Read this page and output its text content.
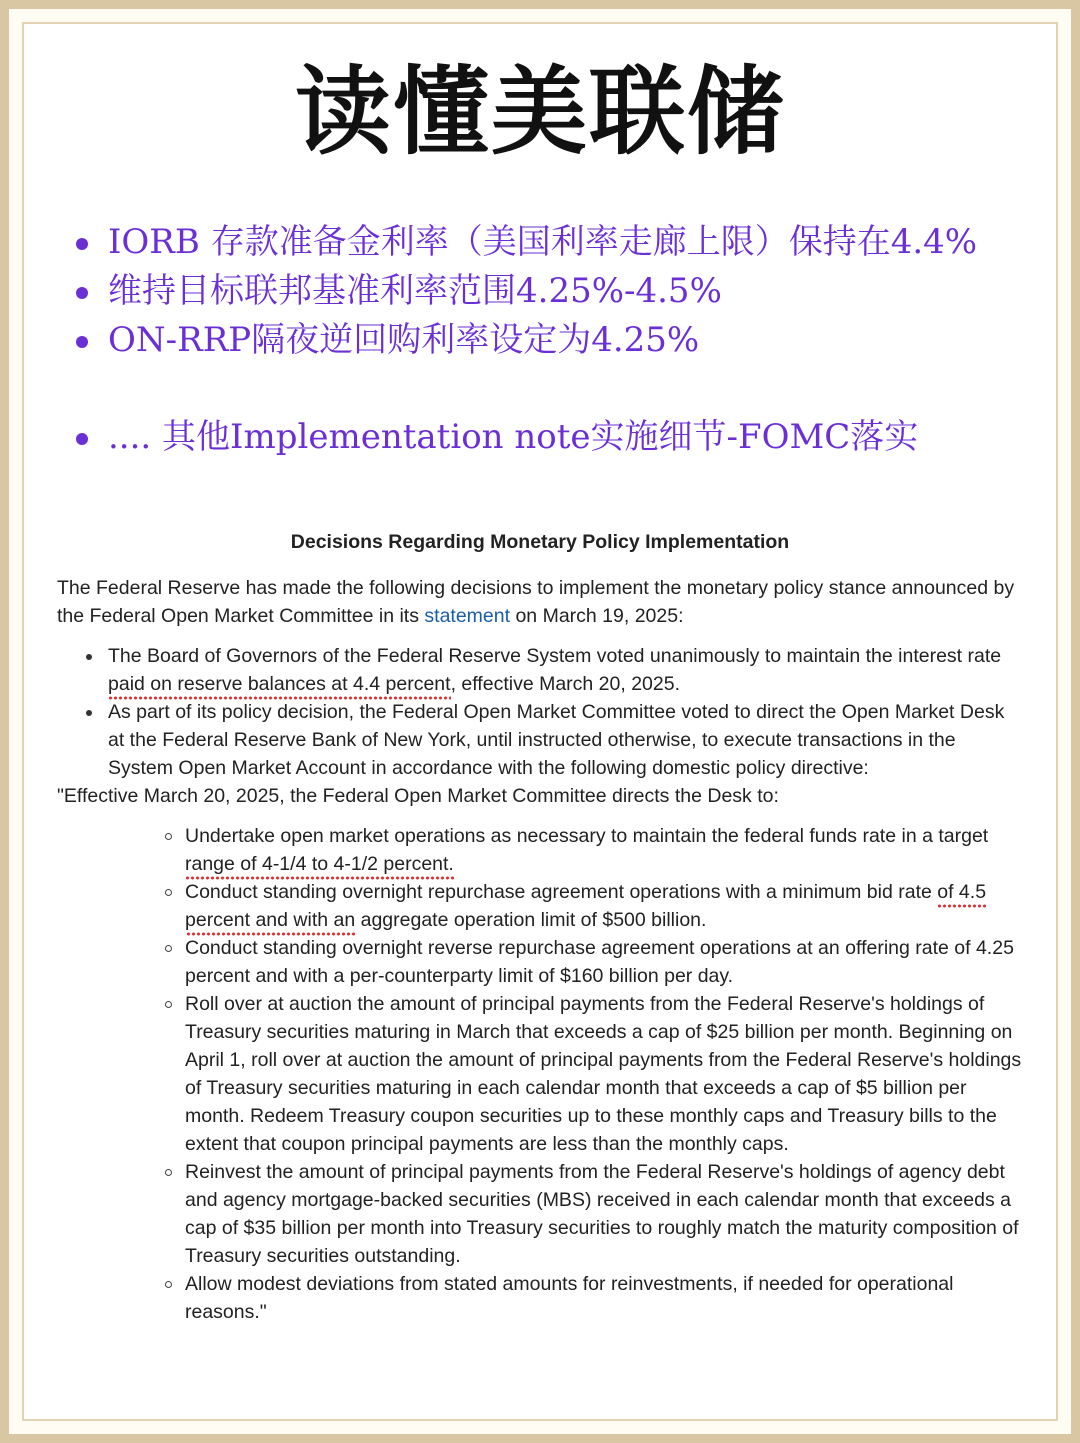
读懂美联储
IORB 存款准备金利率（美国利率走廊上限）保持在4.4%
维持目标联邦基准利率范围4.25%-4.5%
ON-RRP隔夜逆回购利率设定为4.25%
.... 其他Implementation note实施细节-FOMC落实
Decisions Regarding Monetary Policy Implementation

The Federal Reserve has made the following decisions to implement the monetary policy stance announced by the Federal Open Market Committee in its statement on March 19, 2025:

The Board of Governors of the Federal Reserve System voted unanimously to maintain the interest rate paid on reserve balances at 4.4 percent, effective March 20, 2025.
As part of its policy decision, the Federal Open Market Committee voted to direct the Open Market Desk at the Federal Reserve Bank of New York, until instructed otherwise, to execute transactions in the System Open Market Account in accordance with the following domestic policy directive:

"Effective March 20, 2025, the Federal Open Market Committee directs the Desk to:

Undertake open market operations as necessary to maintain the federal funds rate in a target range of 4-1/4 to 4-1/2 percent.
Conduct standing overnight repurchase agreement operations with a minimum bid rate of 4.5 percent and with an aggregate operation limit of $500 billion.
Conduct standing overnight reverse repurchase agreement operations at an offering rate of 4.25 percent and with a per-counterparty limit of $160 billion per day.
Roll over at auction the amount of principal payments from the Federal Reserve's holdings of Treasury securities maturing in March that exceeds a cap of $25 billion per month. Beginning on April 1, roll over at auction the amount of principal payments from the Federal Reserve's holdings of Treasury securities maturing in each calendar month that exceeds a cap of $5 billion per month. Redeem Treasury coupon securities up to these monthly caps and Treasury bills to the extent that coupon principal payments are less than the monthly caps.
Reinvest the amount of principal payments from the Federal Reserve's holdings of agency debt and agency mortgage-backed securities (MBS) received in each calendar month that exceeds a cap of $35 billion per month into Treasury securities to roughly match the maturity composition of Treasury securities outstanding.
Allow modest deviations from stated amounts for reinvestments, if needed for operational reasons."
